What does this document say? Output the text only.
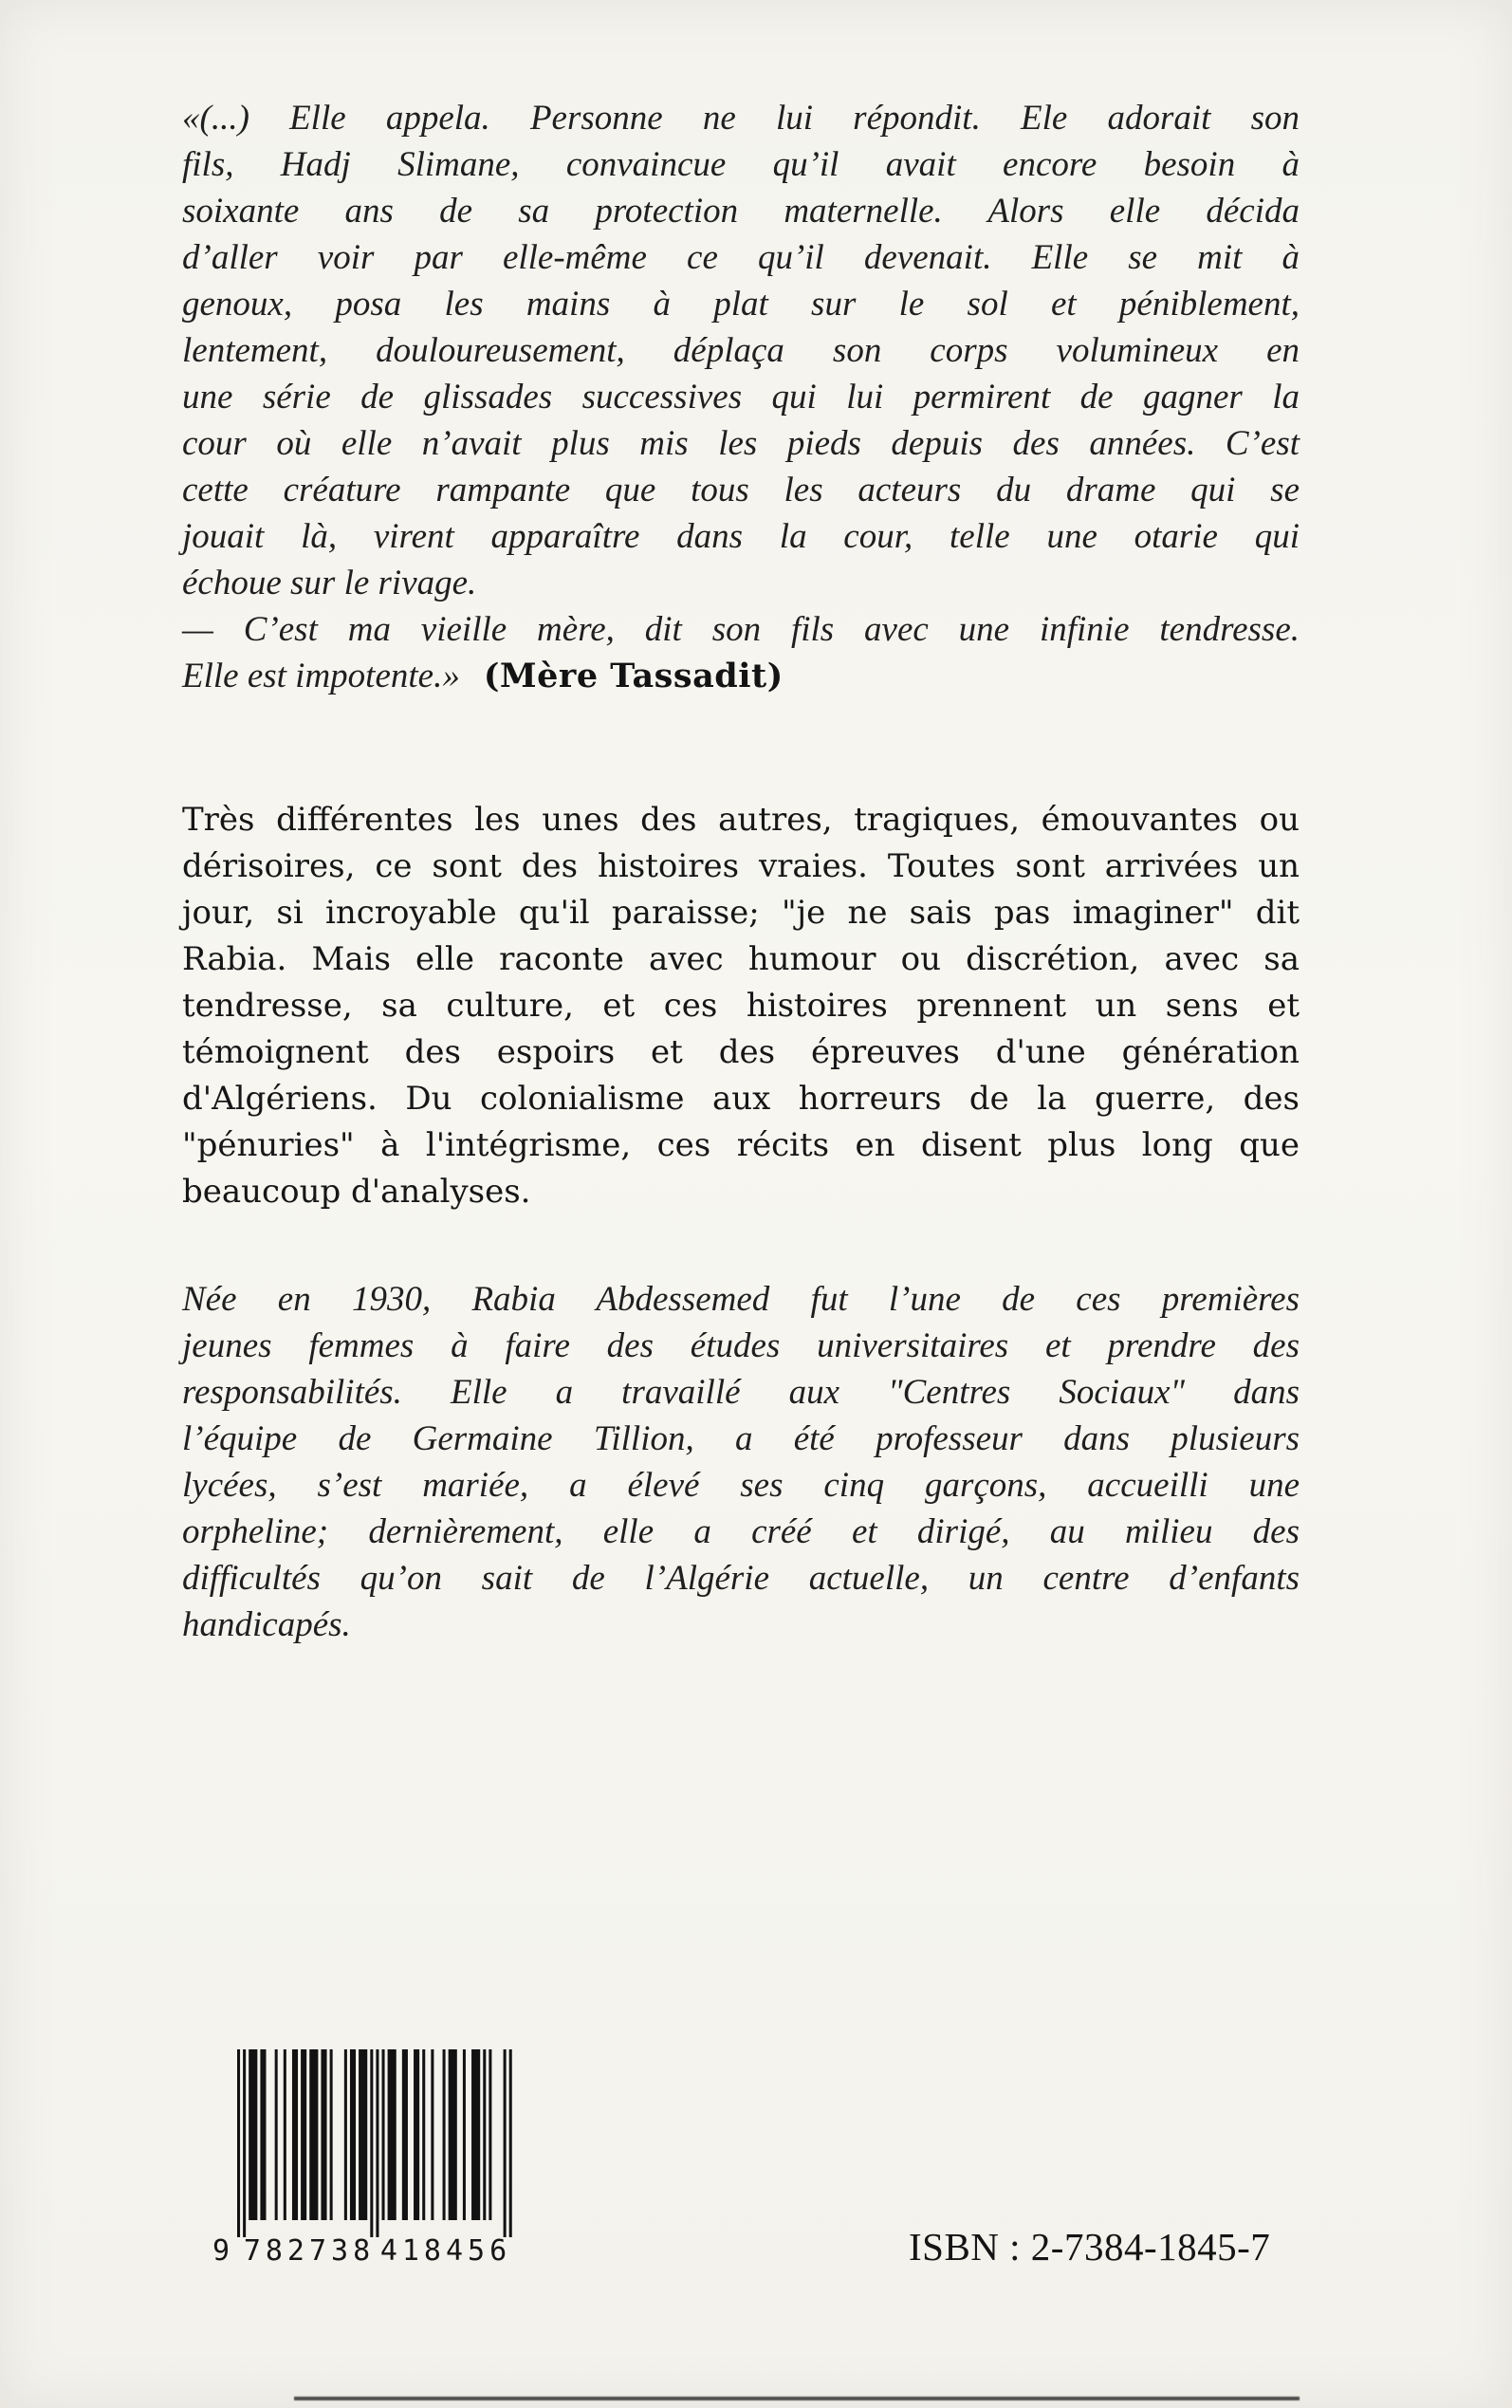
«(...) Elle appela. Personne ne lui répondit. Ele adorait son
fils, Hadj Slimane, convaincue qu’il avait encore besoin à
soixante ans de sa protection maternelle. Alors elle décida
d’aller voir par elle-même ce qu’il devenait. Elle se mit à
genoux, posa les mains à plat sur le sol et péniblement,
lentement, douloureusement, déplaça son corps volumineux en
une série de glissades successives qui lui permirent de gagner la
cour où elle n’avait plus mis les pieds depuis des années. C’est
cette créature rampante que tous les acteurs du drame qui se
jouait là, virent apparaître dans la cour, telle une otarie qui
échoue sur le rivage.
— C’est ma vieille mère, dit son fils avec une infinie tendresse.
Elle est impotente.» (Mère Tassadit)
Très différentes les unes des autres, tragiques, émouvantes ou
dérisoires, ce sont des histoires vraies. Toutes sont arrivées un
jour, si incroyable qu'il paraisse; "je ne sais pas imaginer" dit
Rabia. Mais elle raconte avec humour ou discrétion, avec sa
tendresse, sa culture, et ces histoires prennent un sens et
témoignent des espoirs et des épreuves d'une génération
d'Algériens. Du colonialisme aux horreurs de la guerre, des
"pénuries" à l'intégrisme, ces récits en disent plus long que
beaucoup d'analyses.
Née en 1930, Rabia Abdessemed fut l’une de ces premières
jeunes femmes à faire des études universitaires et prendre des
responsabilités. Elle a travaillé aux "Centres Sociaux" dans
l’équipe de Germaine Tillion, a été professeur dans plusieurs
lycées, s’est mariée, a élevé ses cinq garçons, accueilli une
orpheline; dernièrement, elle a créé et dirigé, au milieu des
difficultés qu’on sait de l’Algérie actuelle, un centre d’enfants
handicapés.
9 782738 418456	ISBN : 2-7384-1845-7
